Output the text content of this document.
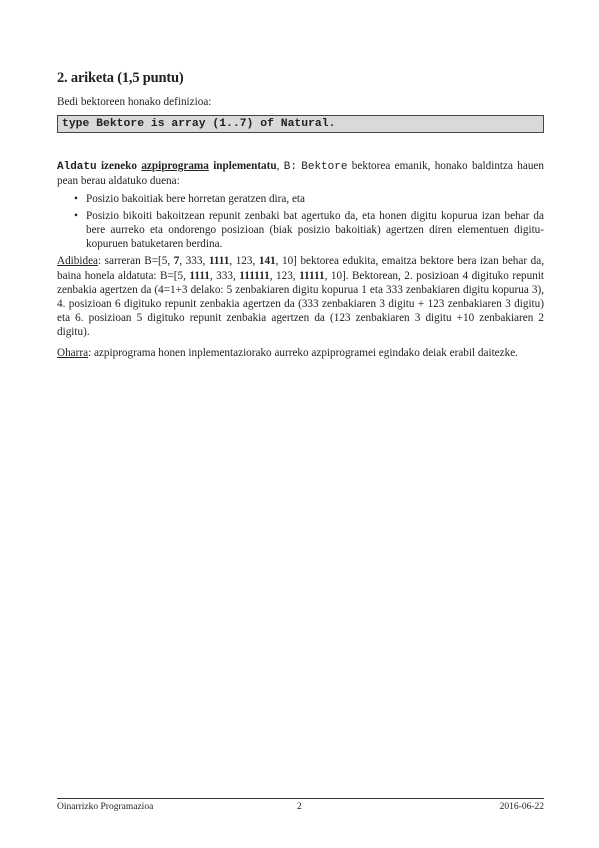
2. ariketa (1,5 puntu)

Bedi bektoreen honako definizioa:

type Bektore is array (1..7) of Natural.

Aldatu izeneko azpiprograma inplementatu, B: Bektore bektorea emanik, honako baldintza hauen pean berau aldatuko duena:

• Posizio bakoitiak bere horretan geratzen dira, eta
• Posizio bikoiti bakoitzean repunit zenbaki bat agertuko da, eta honen digitu kopurua izan behar da bere aurreko eta ondorengo posizioan (biak posizio bakoitiak) agertzen diren elementuen digitu-kopuruen batuketaren berdina.

Adibidea: sarreran B=[5, 7, 333, 1111, 123, 141, 10] bektorea edukita, emaitza bektore bera izan behar da, baina honela aldatuta: B=[5, 1111, 333, 111111, 123, 11111, 10]. Bektorean, 2. posizioan 4 digituko repunit zenbakia agertzen da (4=1+3 delako: 5 zenbakiaren digitu kopurua 1 eta 333 zenbakiaren digitu kopurua 3), 4. posizioan 6 digituko repunit zenbakia agertzen da (333 zenbakiaren 3 digitu + 123 zenbakiaren 3 digitu) eta 6. posizioan 5 digituko repunit zenbakia agertzen da (123 zenbakiaren 3 digitu +10 zenbakiaren 2 digitu).

Oharra: azpiprograma honen inplementaziorako aurreko azpiprogramei egindako deiak erabil daitezke.

Oinarrizko Programazioa	2	2016-06-22
